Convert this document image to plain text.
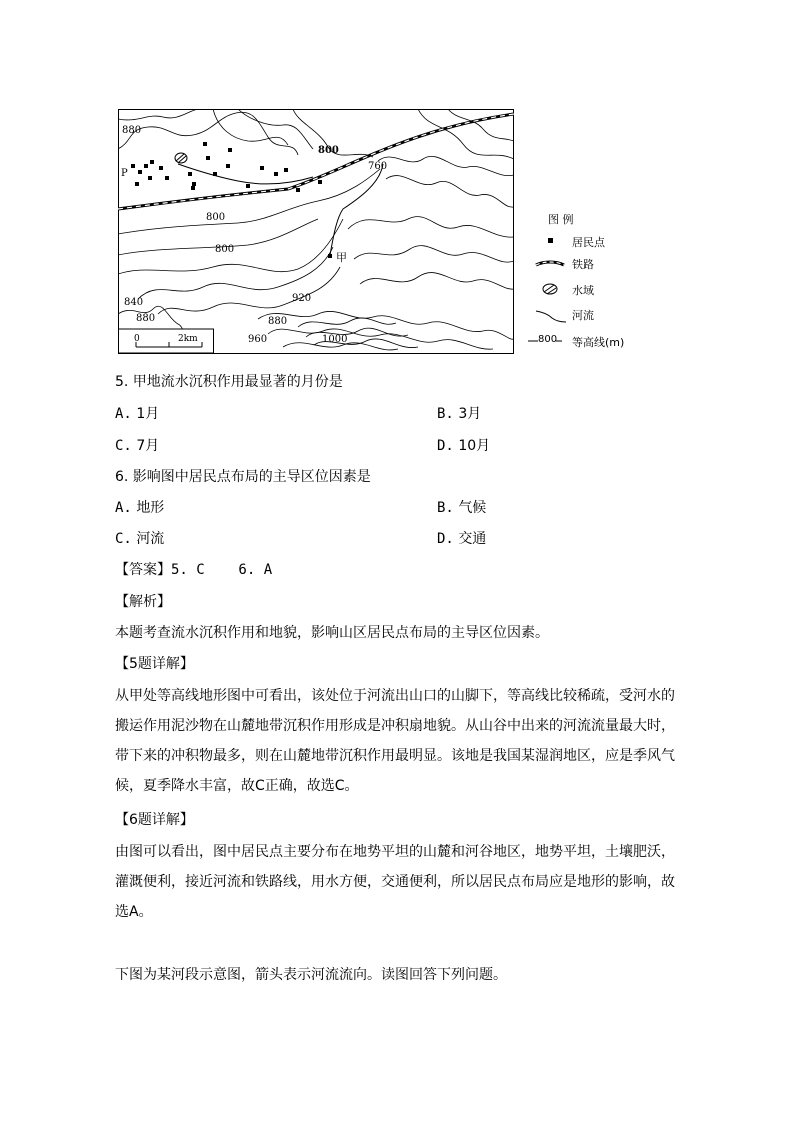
0	2km
880
800
760
800
800
840
880
920
880
960	1000
P
甲
图 例
居民点
铁路
水域
河流
800 等高线(m)
5. 甲地流水沉积作用最显著的月份是
A. 1月	B. 3月
C. 7月	D. 10月
6. 影响图中居民点布局的主导区位因素是
A. 地形	B. 气候
C. 河流	D. 交通
【答案】5. C    6. A
【解析】
本题考查流水沉积作用和地貌，影响山区居民点布局的主导区位因素。
【5题详解】
从甲处等高线地形图中可看出，该处位于河流出山口的山脚下，等高线比较稀疏，受河水的
搬运作用泥沙物在山麓地带沉积作用形成是冲积扇地貌。从山谷中出来的河流流量最大时，
带下来的冲积物最多，则在山麓地带沉积作用最明显。该地是我国某湿润地区，应是季风气
候，夏季降水丰富，故C正确，故选C。
【6题详解】
由图可以看出，图中居民点主要分布在地势平坦的山麓和河谷地区，地势平坦，土壤肥沃，
灌溉便利，接近河流和铁路线，用水方便，交通便利，所以居民点布局应是地形的影响，故
选A。
下图为某河段示意图，箭头表示河流流向。读图回答下列问题。
